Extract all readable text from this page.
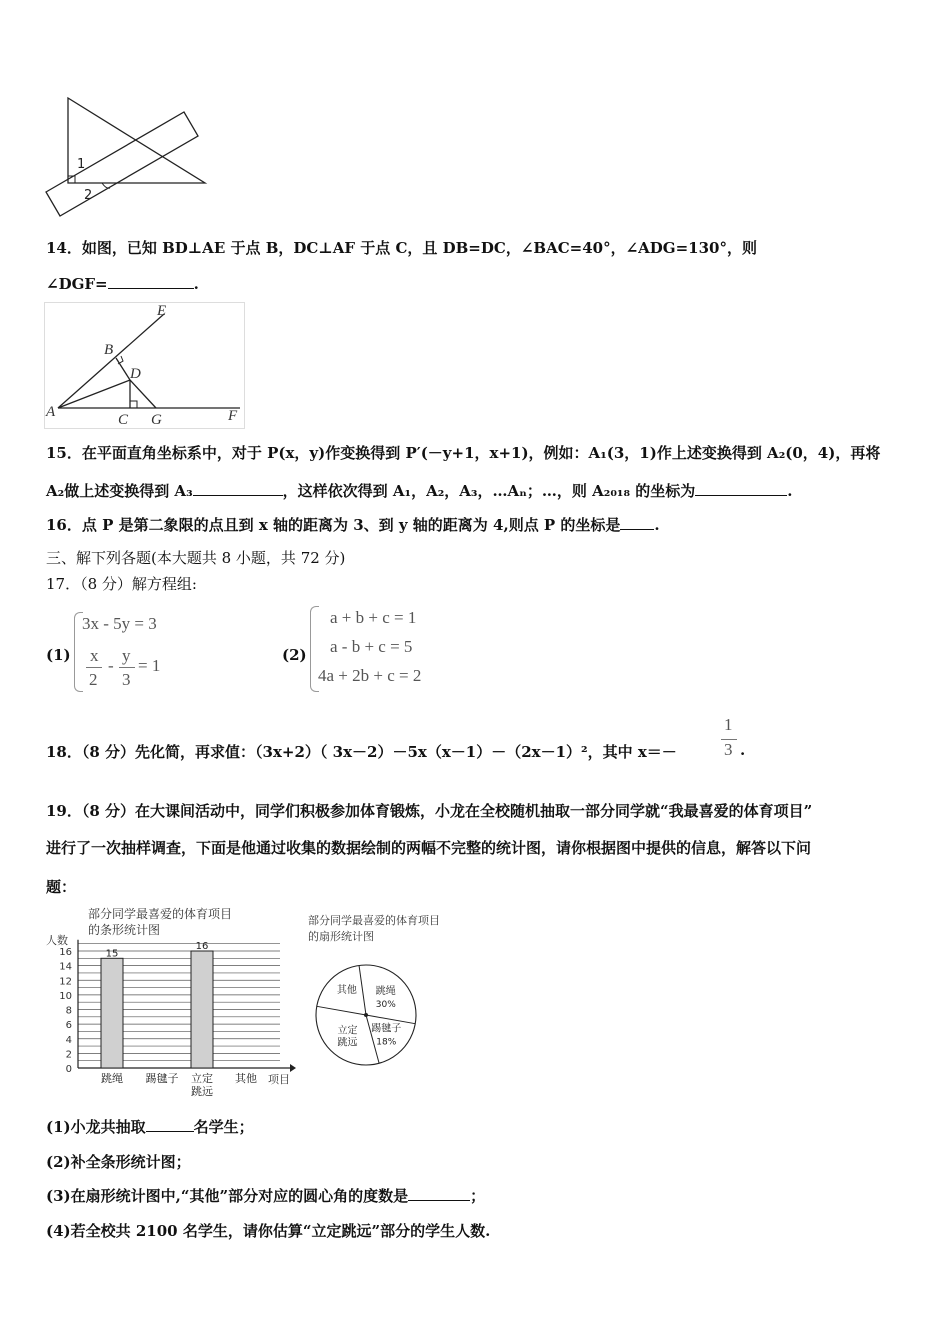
1
2
14．如图，已知 BD⊥AE 于点 B，DC⊥AF 于点 C，且 DB=DC，∠BAC=40°，∠ADG=130°，则
∠DGF=	.
E
B
D
A	C G	F
15．在平面直角坐标系中，对于 P(x，y)作变换得到 P′(－y+1，x+1)，例如：A₁(3，1)作上述变换得到 A₂(0，4)，再将
A₂做上述变换得到 A₃	，这样依次得到 A₁，A₂，A₃，…Aₙ；…，则 A₂₀₁₈ 的坐标为	.
16．点 P 是第二象限的点且到 x 轴的距离为 3、到 y 轴的距离为 4,则点 P 的坐标是 .
三、解下列各题(本大题共 8 小题，共 72 分)
17．（8 分）解方程组:
(1)
3x - 5y = 3
x
2
-
y
3
= 1
(2)
a + b + c = 1
a - b + c = 5
4a + 2b + c = 2
18．（8 分）先化简，再求值：（3x+2）（ 3x－2）－5x（x－1）－（2x－1）²，其中 x＝－
1
3 .
19．（8 分）在大课间活动中，同学们积极参加体育锻炼，小龙在全校随机抽取一部分同学就“我最喜爱的体育项目”
进行了一次抽样调查，下面是他通过收集的数据绘制的两幅不完整的统计图，请你根据图中提供的信息，解答以下问
题：
部分同学最喜爱的体育项目
的条形统计图
人数
15
16
跳绳 踢毽子 立定
跳远
其他
0
2
4
6
8
10
12
14
16
项目
部分同学最喜爱的体育项目
的扇形统计图
跳绳
30%
踢毽子
18%
立定
跳远
其他
(1)小龙共抽取	名学生；
(2)补全条形统计图；
(3)在扇形统计图中,“其他”部分对应的圆心角的度数是	；
(4)若全校共 2100 名学生，请你估算“立定跳远”部分的学生人数.
